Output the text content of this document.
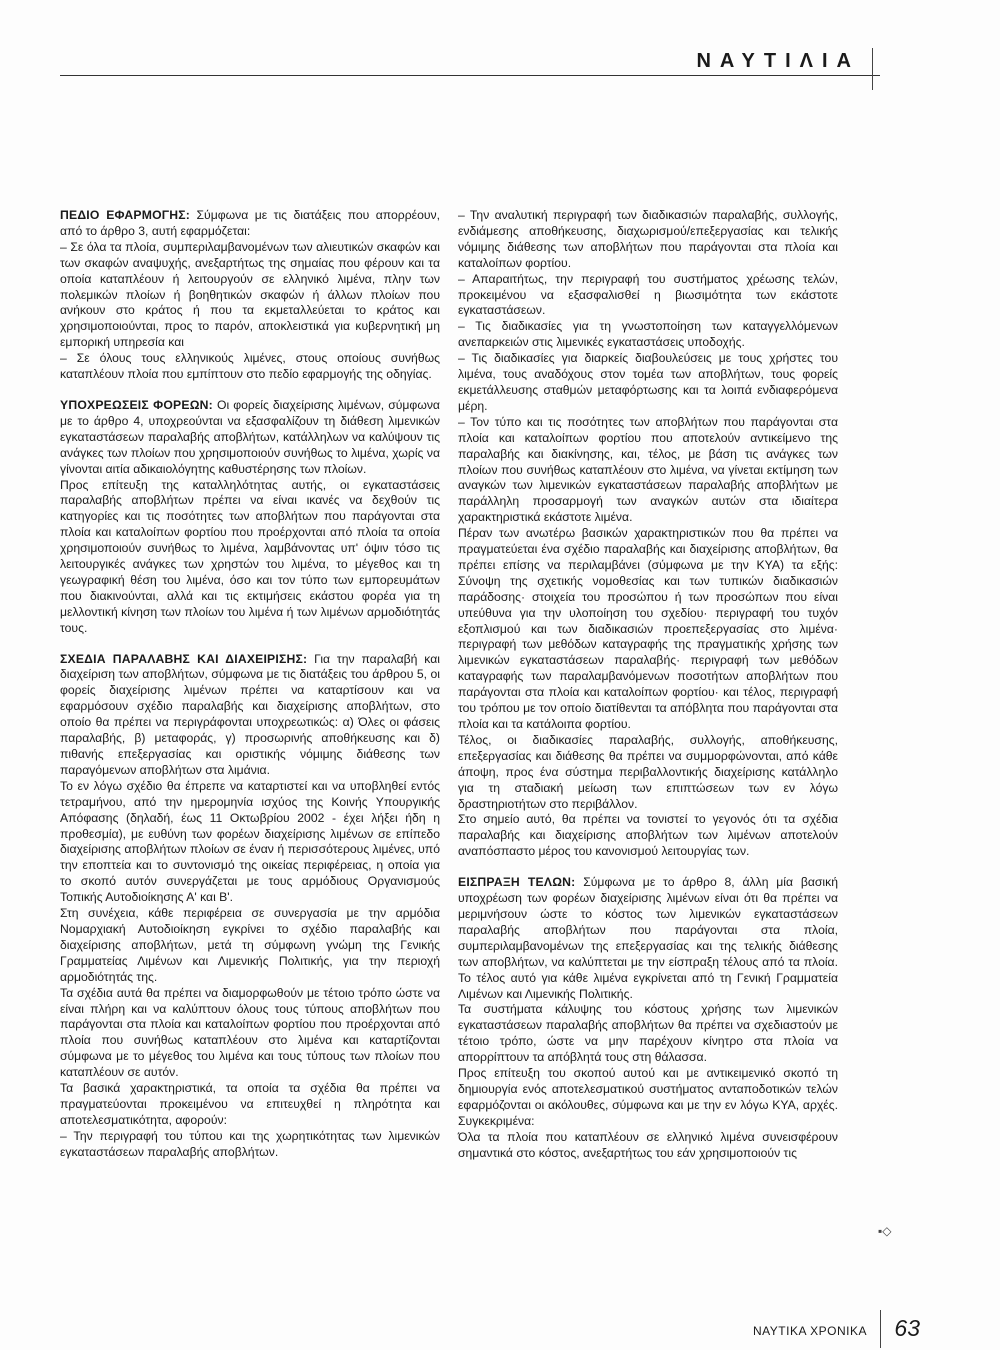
ΝΑΥΤΙΛΙΑ

ΠΕΔΙΟ ΕΦΑΡΜΟΓΗΣ: Σύμφωνα με τις διατάξεις που απορρέουν, από το άρθρο 3, αυτή εφαρμόζεται:

– Σε όλα τα πλοία, συμπεριλαμβανομένων των αλιευτικών σκαφών και των σκαφών αναψυχής, ανεξαρτήτως της σημαίας που φέρουν και τα οποία καταπλέουν ή λειτουργούν σε ελληνικό λιμένα, πλην των πολεμικών πλοίων ή βοηθητικών σκαφών ή άλλων πλοίων που ανήκουν στο κράτος ή που τα εκμεταλλεύεται το κράτος και χρησιμοποιούνται, προς το παρόν, αποκλειστικά για κυβερνητική μη εμπορική υπηρεσία και

– Σε όλους τους ελληνικούς λιμένες, στους οποίους συνήθως καταπλέουν πλοία που εμπίπτουν στο πεδίο εφαρμογής της οδηγίας.

ΥΠΟΧΡΕΩΣΕΙΣ ΦΟΡΕΩΝ: Οι φορείς διαχείρισης λιμένων, σύμφωνα με το άρθρο 4, υποχρεούνται να εξασφαλίζουν τη διάθεση λιμενικών εγκαταστάσεων παραλαβής αποβλήτων, κατάλληλων να καλύψουν τις ανάγκες των πλοίων που χρησιμοποιούν συνήθως το λιμένα, χωρίς να γίνονται αιτία αδικαιολόγητης καθυστέρησης των πλοίων.

Προς επίτευξη της καταλληλότητας αυτής, οι εγκαταστάσεις παραλαβής αποβλήτων πρέπει να είναι ικανές να δεχθούν τις κατηγορίες και τις ποσότητες των αποβλήτων που παράγονται στα πλοία και καταλοίπων φορτίου που προέρχονται από πλοία τα οποία χρησιμοποιούν συνήθως το λιμένα, λαμβάνοντας υπ' όψιν τόσο τις λειτουργικές ανάγκες των χρηστών του λιμένα, το μέγεθος και τη γεωγραφική θέση του λιμένα, όσο και τον τύπο των εμπορευμάτων που διακινούνται, αλλά και τις εκτιμήσεις εκάστου φορέα για τη μελλοντική κίνηση των πλοίων του λιμένα ή των λιμένων αρμοδιότητάς τους.

ΣΧΕΔΙΑ ΠΑΡΑΛΑΒΗΣ ΚΑΙ ΔΙΑΧΕΙΡΙΣΗΣ: Για την παραλαβή και διαχείριση των αποβλήτων, σύμφωνα με τις διατάξεις του άρθρου 5, οι φορείς διαχείρισης λιμένων πρέπει να καταρτίσουν και να εφαρμόσουν σχέδιο παραλαβής και διαχείρισης αποβλήτων, στο οποίο θα πρέπει να περιγράφονται υποχρεωτικώς: α) Όλες οι φάσεις παραλαβής, β) μεταφοράς, γ) προσωρινής αποθήκευσης και δ) πιθανής επεξεργασίας και οριστικής νόμιμης διάθεσης των παραγόμενων αποβλήτων στα λιμάνια.

Το εν λόγω σχέδιο θα έπρεπε να καταρτιστεί και να υποβληθεί εντός τετραμήνου, από την ημερομηνία ισχύος της Κοινής Υπουργικής Απόφασης (δηλαδή, έως 11 Οκτωβρίου 2002 - έχει λήξει ήδη η προθεσμία), με ευθύνη των φορέων διαχείρισης λιμένων σε επίπεδο διαχείρισης αποβλήτων πλοίων σε έναν ή περισσότερους λιμένες, υπό την εποπτεία και το συντονισμό της οικείας περιφέρειας, η οποία για το σκοπό αυτόν συνεργάζεται με τους αρμόδιους Οργανισμούς Τοπικής Αυτοδιοίκησης Α' και Β'.

Στη συνέχεια, κάθε περιφέρεια σε συνεργασία με την αρμόδια Νομαρχιακή Αυτοδιοίκηση εγκρίνει το σχέδιο παραλαβής και διαχείρισης αποβλήτων, μετά τη σύμφωνη γνώμη της Γενικής Γραμματείας Λιμένων και Λιμενικής Πολιτικής, για την περιοχή αρμοδιότητάς της.

Τα σχέδια αυτά θα πρέπει να διαμορφωθούν με τέτοιο τρόπο ώστε να είναι πλήρη και να καλύπτουν όλους τους τύπους αποβλήτων που παράγονται στα πλοία και καταλοίπων φορτίου που προέρχονται από πλοία που συνήθως καταπλέουν στο λιμένα και καταρτίζονται σύμφωνα με το μέγεθος του λιμένα και τους τύπους των πλοίων που καταπλέουν σε αυτόν.

Τα βασικά χαρακτηριστικά, τα οποία τα σχέδια θα πρέπει να πραγματεύονται προκειμένου να επιτευχθεί η πληρότητα και αποτελεσματικότητα, αφορούν:

– Την περιγραφή του τύπου και της χωρητικότητας των λιμενικών εγκαταστάσεων παραλαβής αποβλήτων.

– Την αναλυτική περιγραφή των διαδικασιών παραλαβής, συλλογής, ενδιάμεσης αποθήκευσης, διαχωρισμού/επεξεργασίας και τελικής νόμιμης διάθεσης των αποβλήτων που παράγονται στα πλοία και καταλοίπων φορτίου.

– Απαραιτήτως, την περιγραφή του συστήματος χρέωσης τελών, προκειμένου να εξασφαλισθεί η βιωσιμότητα των εκάστοτε εγκαταστάσεων.

– Τις διαδικασίες για τη γνωστοποίηση των καταγγελλόμενων ανεπαρκειών στις λιμενικές εγκαταστάσεις υποδοχής.

– Τις διαδικασίες για διαρκείς διαβουλεύσεις με τους χρήστες του λιμένα, τους αναδόχους στον τομέα των αποβλήτων, τους φορείς εκμετάλλευσης σταθμών μεταφόρτωσης και τα λοιπά ενδιαφερόμενα μέρη.

– Τον τύπο και τις ποσότητες των αποβλήτων που παράγονται στα πλοία και καταλοίπων φορτίου που αποτελούν αντικείμενο της παραλαβής και διακίνησης, και, τέλος, με βάση τις ανάγκες των πλοίων που συνήθως καταπλέουν στο λιμένα, να γίνεται εκτίμηση των αναγκών των λιμενικών εγκαταστάσεων παραλαβής αποβλήτων με παράλληλη προσαρμογή των αναγκών αυτών στα ιδιαίτερα χαρακτηριστικά εκάστοτε λιμένα.

Πέραν των ανωτέρω βασικών χαρακτηριστικών που θα πρέπει να πραγματεύεται ένα σχέδιο παραλαβής και διαχείρισης αποβλήτων, θα πρέπει επίσης να περιλαμβάνει (σύμφωνα με την ΚΥΑ) τα εξής: Σύνοψη της σχετικής νομοθεσίας και των τυπικών διαδικασιών παράδοσης· στοιχεία του προσώπου ή των προσώπων που είναι υπεύθυνα για την υλοποίηση του σχεδίου· περιγραφή του τυχόν εξοπλισμού και των διαδικασιών προεπεξεργασίας στο λιμένα· περιγραφή των μεθόδων καταγραφής της πραγματικής χρήσης των λιμενικών εγκαταστάσεων παραλαβής· περιγραφή των μεθόδων καταγραφής των παραλαμβανόμενων ποσοτήτων αποβλήτων που παράγονται στα πλοία και καταλοίπων φορτίου· και τέλος, περιγραφή του τρόπου με τον οποίο διατίθενται τα απόβλητα που παράγονται στα πλοία και τα κατάλοιπα φορτίου.

Τέλος, οι διαδικασίες παραλαβής, συλλογής, αποθήκευσης, επεξεργασίας και διάθεσης θα πρέπει να συμμορφώνονται, από κάθε άποψη, προς ένα σύστημα περιβαλλοντικής διαχείρισης κατάλληλο για τη σταδιακή μείωση των επιπτώσεων των εν λόγω δραστηριοτήτων στο περιβάλλον.

Στο σημείο αυτό, θα πρέπει να τονιστεί το γεγονός ότι τα σχέδια παραλαβής και διαχείρισης αποβλήτων των λιμένων αποτελούν αναπόσπαστο μέρος του κανονισμού λειτουργίας των.

ΕΙΣΠΡΑΞΗ ΤΕΛΩΝ: Σύμφωνα με το άρθρο 8, άλλη μία βασική υποχρέωση των φορέων διαχείρισης λιμένων είναι ότι θα πρέπει να μεριμνήσουν ώστε το κόστος των λιμενικών εγκαταστάσεων παραλαβής αποβλήτων που παράγονται στα πλοία, συμπεριλαμβανομένων της επεξεργασίας και της τελικής διάθεσης των αποβλήτων, να καλύπτεται με την είσπραξη τέλους από τα πλοία. Το τέλος αυτό για κάθε λιμένα εγκρίνεται από τη Γενική Γραμματεία Λιμένων και Λιμενικής Πολιτικής.

Τα συστήματα κάλυψης του κόστους χρήσης των λιμενικών εγκαταστάσεων παραλαβής αποβλήτων θα πρέπει να σχεδιαστούν με τέτοιο τρόπο, ώστε να μην παρέχουν κίνητρο στα πλοία να απορρίπτουν τα απόβλητά τους στη θάλασσα.

Προς επίτευξη του σκοπού αυτού και με αντικειμενικό σκοπό τη δημιουργία ενός αποτελεσματικού συστήματος ανταποδοτικών τελών εφαρμόζονται οι ακόλουθες, σύμφωνα και με την εν λόγω ΚΥΑ, αρχές. Συγκεκριμένα:

Όλα τα πλοία που καταπλέουν σε ελληνικό λιμένα συνεισφέρουν σημαντικά στο κόστος, ανεξαρτήτως του εάν χρησιμοποιούν τις

▪◇
ΝΑΥΤΙΚΑ ΧΡΟΝΙΚΑ 63
